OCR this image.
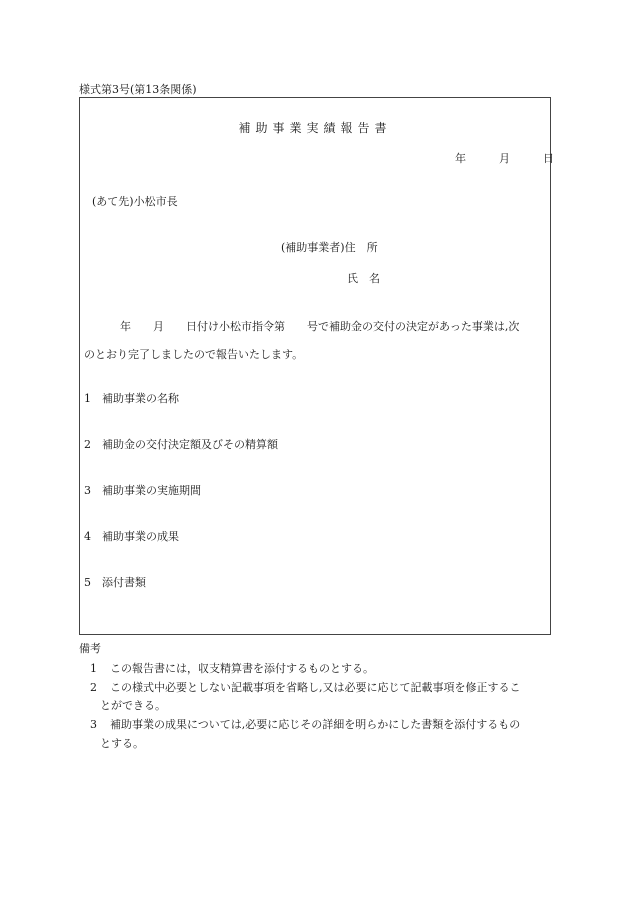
様式第3号(第13条関係)
補助事業実績報告書
年	月	日
(あて先)小松市長
(補助事業者)住　所
氏　名
年　　月　　日付け小松市指令第　　号で補助金の交付の決定があった事業は,次
のとおり完了しましたので報告いたします。
1 補助事業の名称
2 補助金の交付決定額及びその精算額
3 補助事業の実施期間
4 補助事業の成果
5 添付書類
備考
1 この報告書には，収支精算書を添付するものとする。
2 この様式中必要としない記載事項を省略し,又は必要に応じて記載事項を修正するこ
とができる。
3 補助事業の成果については,必要に応じその詳細を明らかにした書類を添付するもの
とする。
